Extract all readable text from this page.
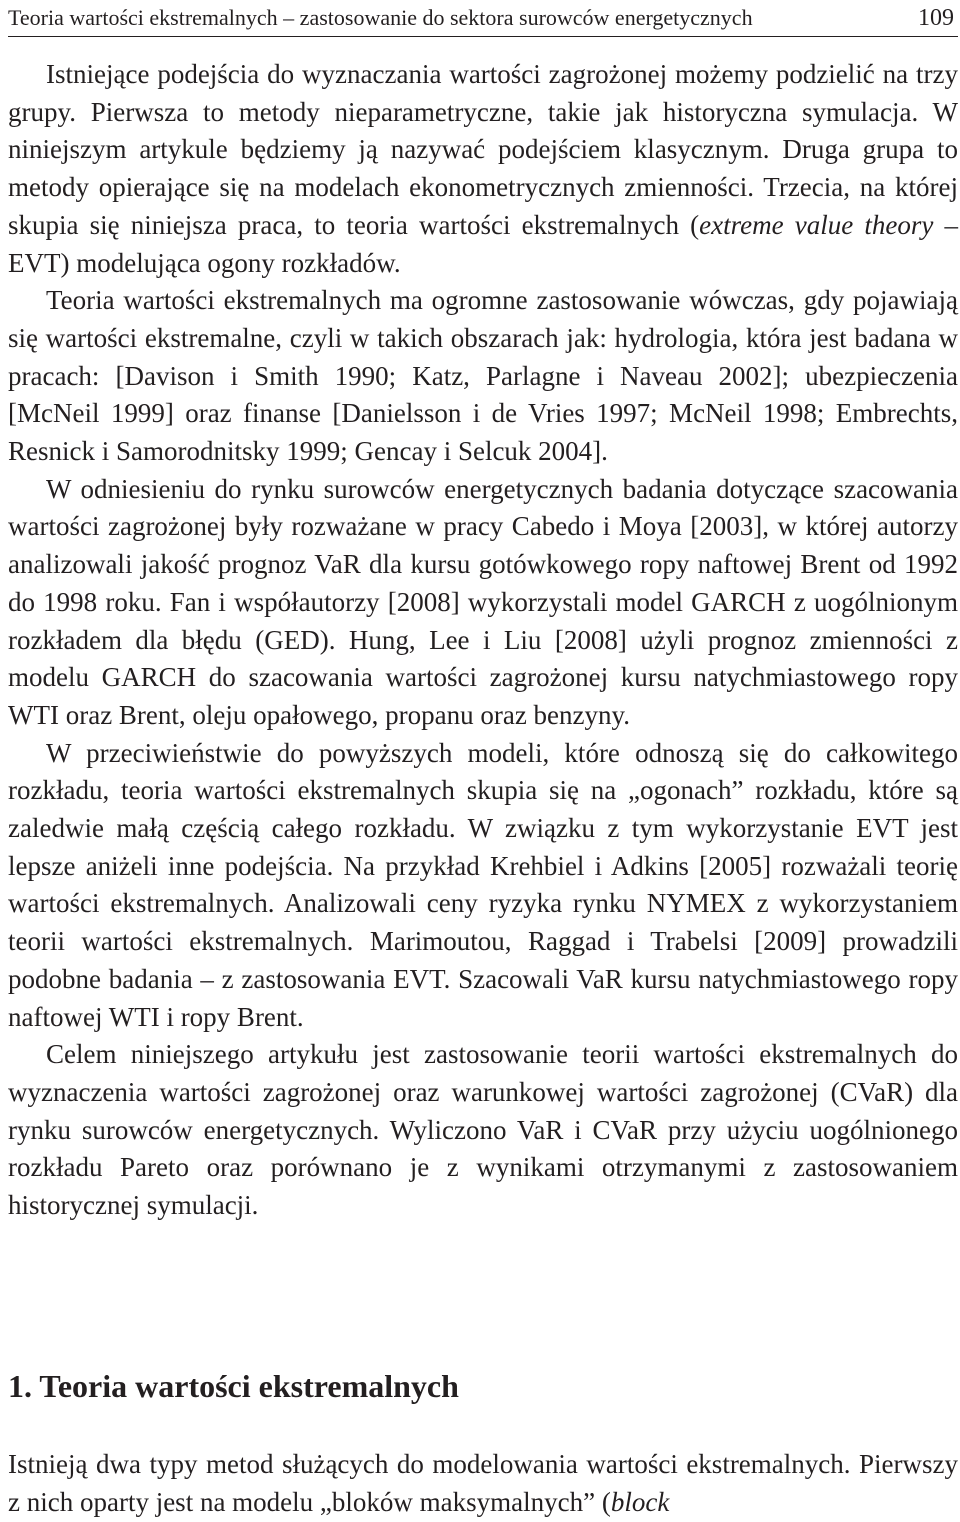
Teoria wartości ekstremalnych – zastosowanie do sektora surowców energetycznych	109

Istniejące podejścia do wyznaczania wartości zagrożonej możemy podzielić na trzy grupy. Pierwsza to metody nieparametryczne, takie jak historyczna symulacja. W niniejszym artykule będziemy ją nazywać podejściem klasycznym. Druga grupa to metody opierające się na modelach ekonometrycznych zmienności. Trzecia, na której skupia się niniejsza praca, to teoria wartości ekstremalnych (extreme value theory – EVT) modelująca ogony rozkładów.

Teoria wartości ekstremalnych ma ogromne zastosowanie wówczas, gdy pojawiają się wartości ekstremalne, czyli w takich obszarach jak: hydrologia, która jest badana w pracach: [Davison i Smith 1990; Katz, Parlagne i Naveau 2002]; ubezpieczenia [McNeil 1999] oraz finanse [Danielsson i de Vries 1997; McNeil 1998; Embrechts, Resnick i Samorodnitsky 1999; Gencay i Selcuk 2004].

W odniesieniu do rynku surowców energetycznych badania dotyczące szacowania wartości zagrożonej były rozważane w pracy Cabedo i Moya [2003], w której autorzy analizowali jakość prognoz VaR dla kursu gotówkowego ropy naftowej Brent od 1992 do 1998 roku. Fan i współautorzy [2008] wykorzystali model GARCH z uogólnionym rozkładem dla błędu (GED). Hung, Lee i Liu [2008] użyli prognoz zmienności z modelu GARCH do szacowania wartości zagrożonej kursu natychmiastowego ropy WTI oraz Brent, oleju opałowego, propanu oraz benzyny.

W przeciwieństwie do powyższych modeli, które odnoszą się do całkowitego rozkładu, teoria wartości ekstremalnych skupia się na „ogonach” rozkładu, które są zaledwie małą częścią całego rozkładu. W związku z tym wykorzystanie EVT jest lepsze aniżeli inne podejścia. Na przykład Krehbiel i Adkins [2005] rozważali teorię wartości ekstremalnych. Analizowali ceny ryzyka rynku NYMEX z wykorzystaniem teorii wartości ekstremalnych. Marimoutou, Raggad i Trabelsi [2009] prowadzili podobne badania – z zastosowania EVT. Szacowali VaR kursu natychmiastowego ropy naftowej WTI i ropy Brent.

Celem niniejszego artykułu jest zastosowanie teorii wartości ekstremalnych do wyznaczenia wartości zagrożonej oraz warunkowej wartości zagrożonej (CVaR) dla rynku surowców energetycznych. Wyliczono VaR i CVaR przy użyciu uogólnionego rozkładu Pareto oraz porównano je z wynikami otrzymanymi z zastosowaniem historycznej symulacji.

1. Teoria wartości ekstremalnych

Istnieją dwa typy metod służących do modelowania wartości ekstremalnych. Pierwszy z nich oparty jest na modelu „bloków maksymalnych” (block
